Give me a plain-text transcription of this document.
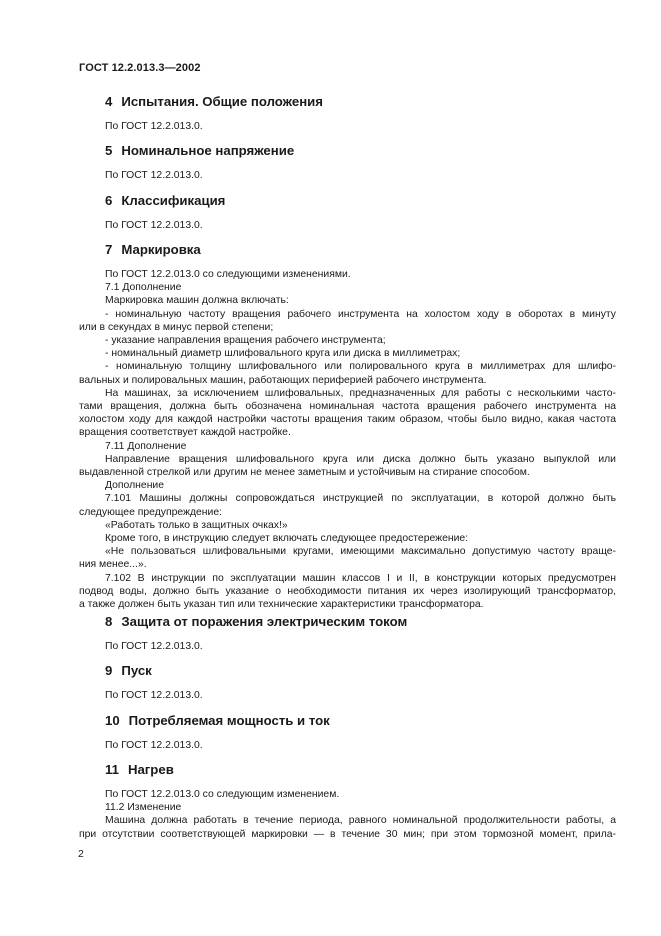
ГОСТ 12.2.013.3—2002
4 Испытания. Общие положения
По ГОСТ 12.2.013.0.
5 Номинальное напряжение
По ГОСТ 12.2.013.0.
6 Классификация
По ГОСТ 12.2.013.0.
7 Маркировка
По ГОСТ 12.2.013.0 со следующими изменениями.
7.1 Дополнение
Маркировка машин должна включать:
- номинальную частоту вращения рабочего инструмента на холостом ходу в оборотах в минуту
или в секундах в минус первой степени;
- указание направления вращения рабочего инструмента;
- номинальный диаметр шлифовального круга или диска в миллиметрах;
- номинальную толщину шлифовального или полировального круга в миллиметрах для шлифо-
вальных и полировальных машин, работающих периферией рабочего инструмента.
На машинах, за исключением шлифовальных, предназначенных для работы с несколькими часто-
тами вращения, должна быть обозначена номинальная частота вращения рабочего инструмента на
холостом ходу для каждой настройки частоты вращения таким образом, чтобы было видно, какая частота
вращения соответствует каждой настройке.
7.11 Дополнение
Направление вращения шлифовального круга или диска должно быть указано выпуклой или
выдавленной стрелкой или другим не менее заметным и устойчивым на стирание способом.
Дополнение
7.101 Машины должны сопровождаться инструкцией по эксплуатации, в которой должно быть
следующее предупреждение:
«Работать только в защитных очках!»
Кроме того, в инструкцию следует включать следующее предостережение:
«Не пользоваться шлифовальными кругами, имеющими максимально допустимую частоту враще-
ния менее...».
7.102 В инструкции по эксплуатации машин классов I и II, в конструкции которых предусмотрен
подвод воды, должно быть указание о необходимости питания их через изолирующий трансформатор,
а также должен быть указан тип или технические характеристики трансформатора.
8 Защита от поражения электрическим током
По ГОСТ 12.2.013.0.
9 Пуск
По ГОСТ 12.2.013.0.
10 Потребляемая мощность и ток
По ГОСТ 12.2.013.0.
11 Нагрев
По ГОСТ 12.2.013.0 со следующим изменением.
11.2 Изменение
Машина должна работать в течение периода, равного номинальной продолжительности работы, а
при отсутствии соответствующей маркировки — в течение 30 мин; при этом тормозной момент, прила-
2
